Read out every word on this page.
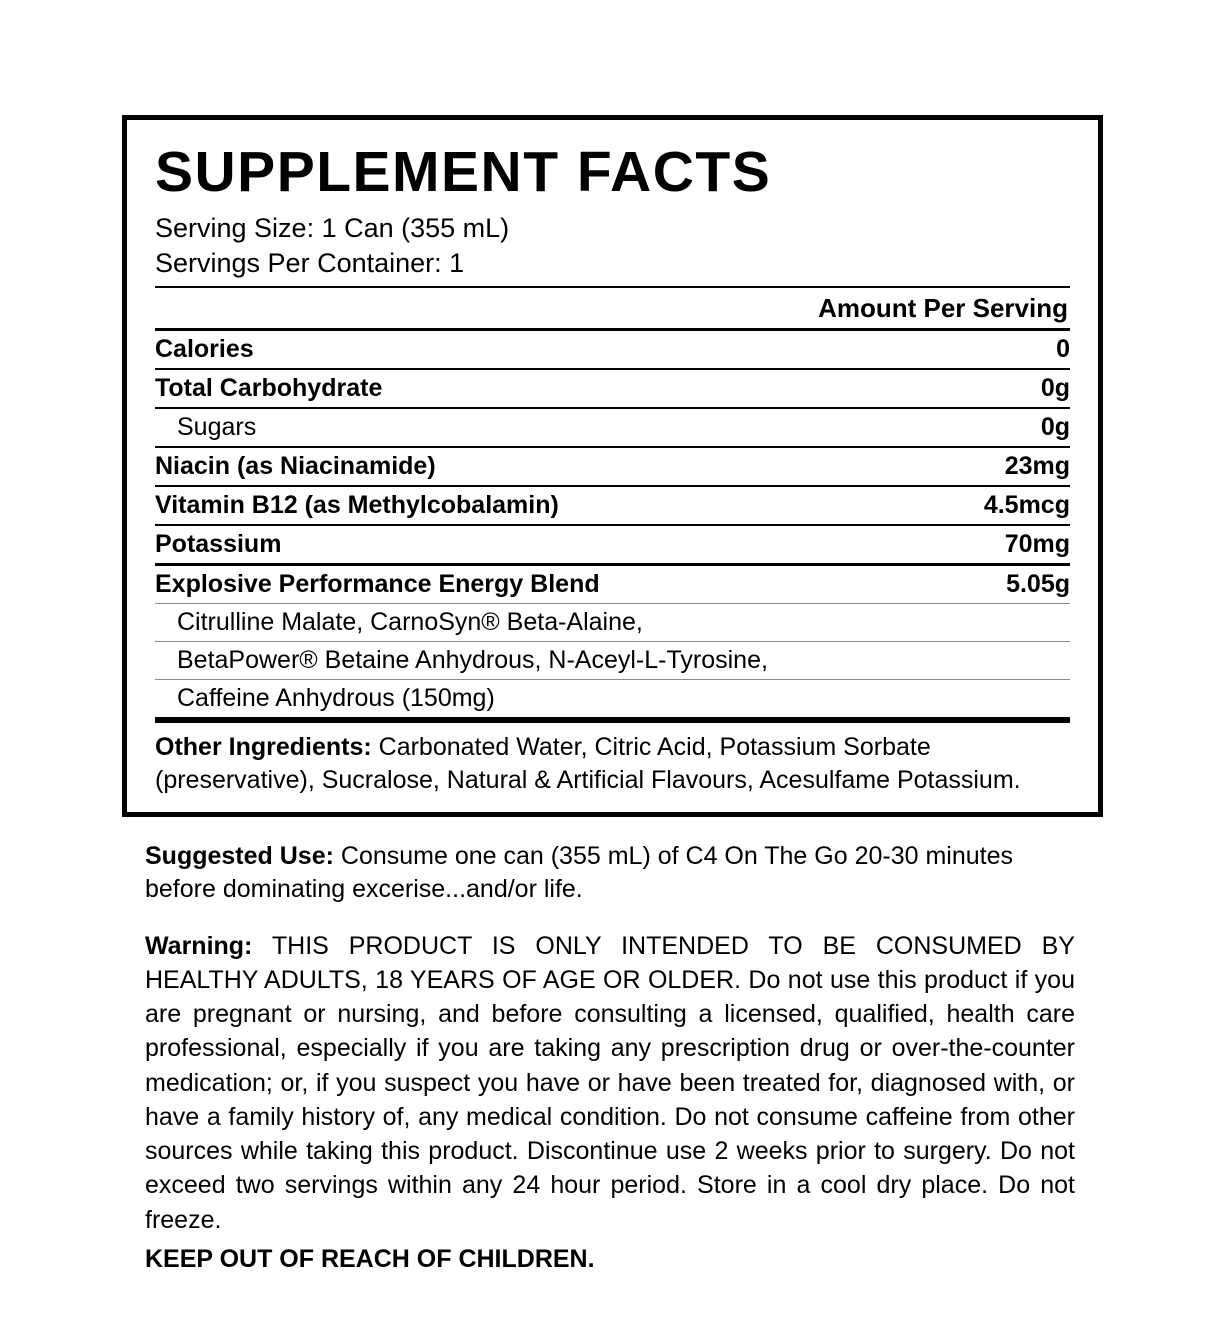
SUPPLEMENT FACTS
Serving Size: 1 Can (355 mL)
Servings Per Container: 1
Amount Per Serving
Calories	0
Total Carbohydrate	0g
Sugars	0g
Niacin (as Niacinamide)	23mg
Vitamin B12 (as Methylcobalamin)	4.5mcg
Potassium	70mg
Explosive Performance Energy Blend	5.05g
Citrulline Malate, CarnoSyn® Beta-Alaine,	
BetaPower® Betaine Anhydrous, N-Aceyl-L-Tyrosine,	
Caffeine Anhydrous (150mg)	
Other Ingredients: Carbonated Water, Citric Acid, Potassium Sorbate (preservative), Sucralose, Natural & Artificial Flavours, Acesulfame Potassium.
Suggested Use: Consume one can (355 mL) of C4 On The Go 20-30 minutes before dominating excerise...and/or life.
Warning: THIS PRODUCT IS ONLY INTENDED TO BE CONSUMED BY HEALTHY ADULTS, 18 YEARS OF AGE OR OLDER. Do not use this product if you are pregnant or nursing, and before consulting a licensed, qualified, health care professional, especially if you are taking any prescription drug or over-the-counter medication; or, if you suspect you have or have been treated for, diagnosed with, or have a family history of, any medical condition. Do not consume caffeine from other sources while taking this product. Discontinue use 2 weeks prior to surgery. Do not exceed two servings within any 24 hour period. Store in a cool dry place. Do not freeze.
KEEP OUT OF REACH OF CHILDREN.
